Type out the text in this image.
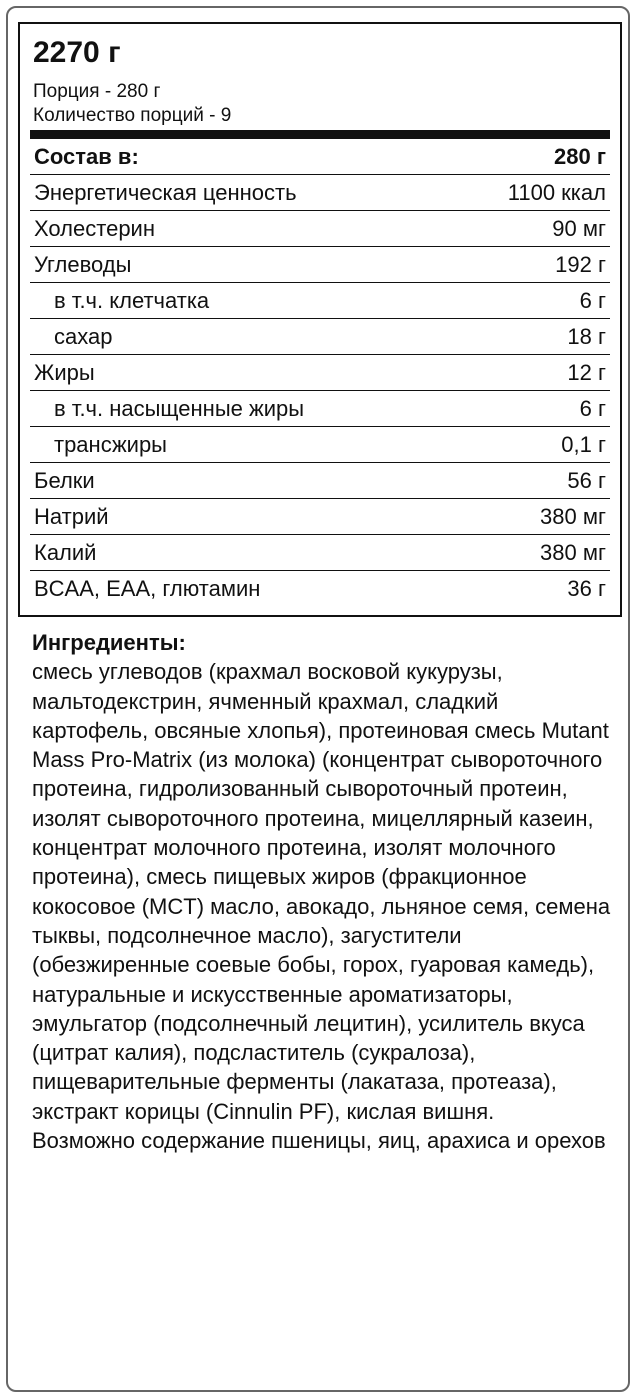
2270 г
Порция - 280 г
Количество порций - 9
Состав в:	280 г
Энергетическая ценность	1100 ккал
Холестерин	90 мг
Углеводы	192 г
в т.ч. клетчатка	6 г
сахар	18 г
Жиры	12 г
в т.ч. насыщенные жиры	6 г
трансжиры	0,1 г
Белки	56 г
Натрий	380 мг
Калий	380 мг
BCAA, EAA, глютамин	36 г

Ингредиенты:

смесь углеводов (крахмал восковой кукурузы, мальтодекстрин, ячменный крахмал, сладкий картофель, овсяные хлопья), протеиновая смесь Mutant Mass Pro-Matrix (из молока) (концентрат сывороточного протеина, гидролизованный сывороточный протеин, изолят сывороточного протеина, мицеллярный казеин, концентрат молочного протеина, изолят молочного протеина), смесь пищевых жиров (фракционное кокосовое (MCT) масло, авокадо, льняное семя, семена тыквы, подсолнечное масло), загустители (обезжиренные соевые бобы, горох, гуаровая камедь), натуральные и искусственные ароматизаторы, эмульгатор (подсолнечный лецитин), усилитель вкуса (цитрат калия), подсластитель (сукралоза), пищеварительные ферменты (лакатаза, протеаза), экстракт корицы (Cinnulin PF), кислая вишня.

Возможно содержание пшеницы, яиц, арахиса и орехов
